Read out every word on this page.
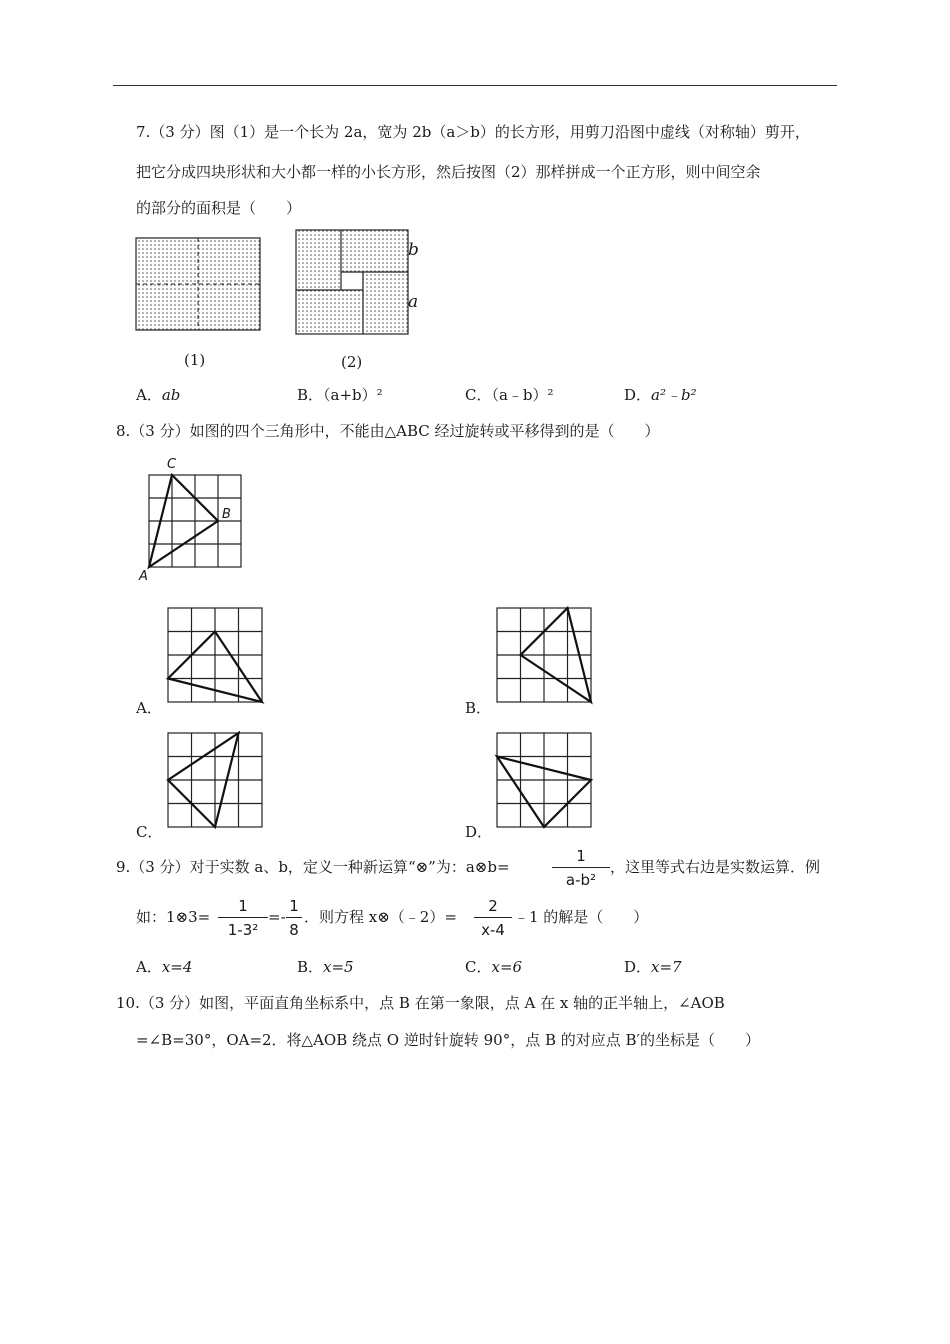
7.（3 分）图（1）是一个长为 2a，宽为 2b（a＞b）的长方形，用剪刀沿图中虚线（对称轴）剪开，
把它分成四块形状和大小都一样的小长方形，然后按图（2）那样拼成一个正方形，则中间空余
的部分的面积是（　　）
(1)
b
a
(2)
A．ab	B．（a+b）²	C．（a﹣b）²	D．a²﹣b²
8.（3 分）如图的四个三角形中，不能由△ABC 经过旋转或平移得到的是（　　）
C
B
A
A．	B．
C．	D．
9.（3 分）对于实数 a、b，定义一种新运算“⊗”为：a⊗b=
1
a-b²
，这里等式右边是实数运算．例
如：1⊗3=
1
1-3²
=-
1
8
．则方程 x⊗（﹣2）=
2
x-4
﹣1 的解是（　　）
A．x=4	B．x=5	C．x=6	D．x=7
10.（3 分）如图，平面直角坐标系中，点 B 在第一象限，点 A 在 x 轴的正半轴上，∠AOB
=∠B=30°，OA=2．将△AOB 绕点 O 逆时针旋转 90°，点 B 的对应点 B′的坐标是（　　）
